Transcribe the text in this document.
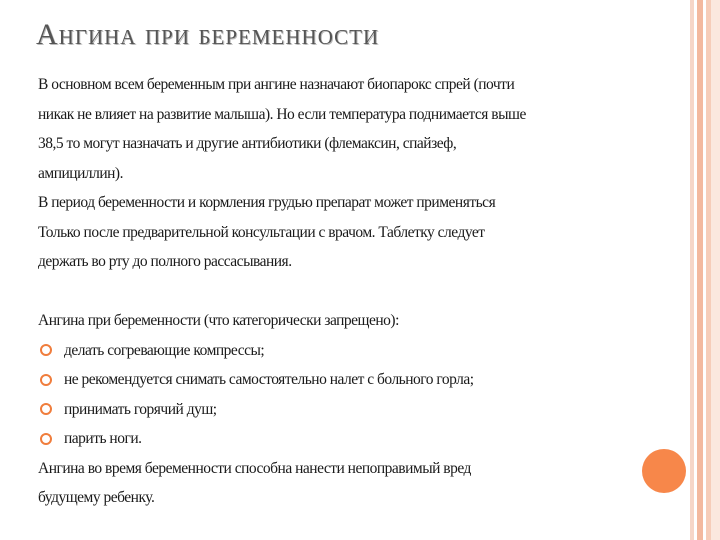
Ангина при беременности
В основном всем беременным при ангине назначают биопарокс спрей (почти
никак не влияет на развитие малыша). Но если температура поднимается выше
38,5 то могут назначать и другие антибиотики (флемаксин, спайзеф,
ампициллин).
В период беременности и кормления грудью препарат может применяться
Только после предварительной консультации с врачом. Таблетку следует
держать во рту до полного рассасывания.
Ангина при беременности (что категорически запрещено):
делать согревающие компрессы;
не рекомендуется снимать самостоятельно налет с больного горла;
принимать горячий душ;
парить ноги.
Ангина во время беременности способна нанести непоправимый вред
будущему ребенку.
